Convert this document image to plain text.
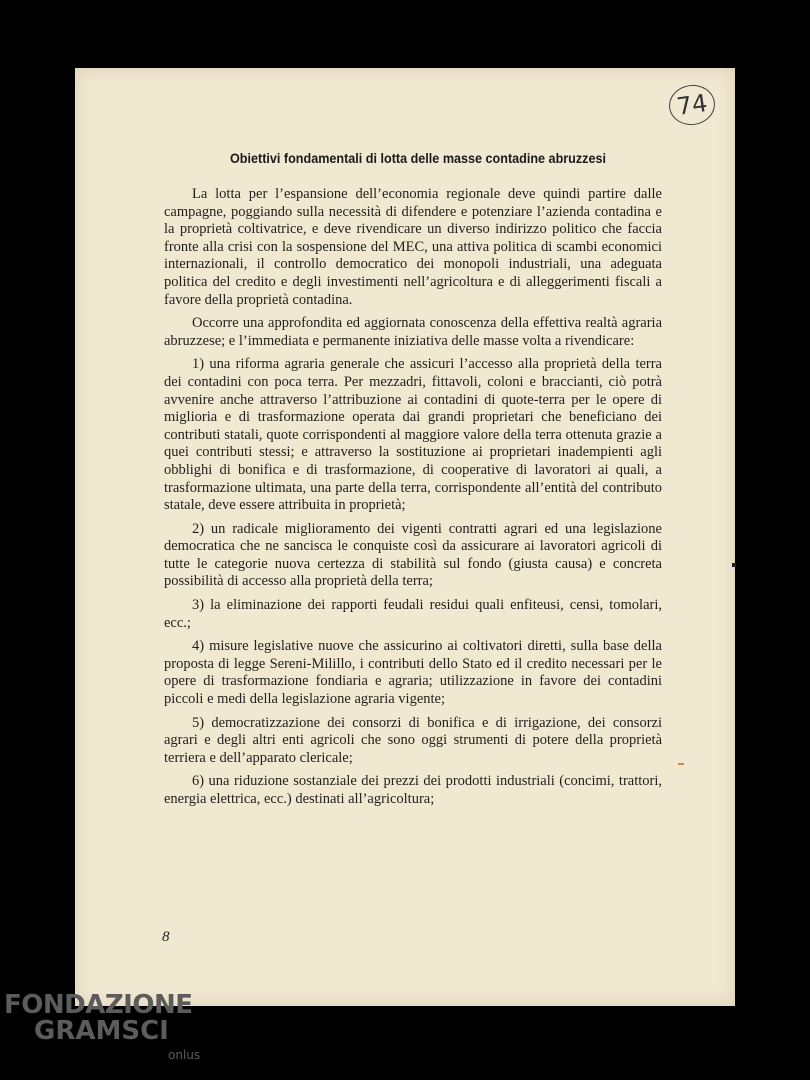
74
Obiettivi fondamentali di lotta delle masse contadine abruzzesi

La lotta per l’espansione dell’economia regionale deve quindi partire dalle campagne, poggiando sulla necessità di difendere e potenziare l’azienda contadina e la proprietà coltivatrice, e deve rivendicare un diverso indirizzo politico che faccia fronte alla crisi con la sospensione del MEC, una attiva politica di scambi economici internazionali, il controllo democratico dei monopoli industriali, una adeguata politica del credito e degli investimenti nell’agricoltura e di alleggerimenti fiscali a favore della proprietà contadina.

Occorre una approfondita ed aggiornata conoscenza della effettiva realtà agraria abruzzese; e l’immediata e permanente iniziativa delle masse volta a rivendicare:

1) una riforma agraria generale che assicuri l’accesso alla proprietà della terra dei contadini con poca terra. Per mezzadri, fittavoli, coloni e braccianti, ciò potrà avvenire anche attraverso l’attribuzione ai contadini di quote-terra per le opere di miglioria e di trasformazione operata dai grandi proprietari che beneficiano dei contributi statali, quote corrispondenti al maggiore valore della terra ottenuta grazie a quei contributi stessi; e attraverso la sostituzione ai proprietari inadempienti agli obblighi di bonifica e di trasformazione, di cooperative di lavoratori ai quali, a trasformazione ultimata, una parte della terra, corrispondente all’entità del contributo statale, deve essere attribuita in proprietà;

2) un radicale miglioramento dei vigenti contratti agrari ed una legislazione democratica che ne sancisca le conquiste così da assicurare ai lavoratori agricoli di tutte le categorie nuova certezza di stabilità sul fondo (giusta causa) e concreta possibilità di accesso alla proprietà della terra;

3) la eliminazione dei rapporti feudali residui quali enfiteusi, censi, tomolari, ecc.;

4) misure legislative nuove che assicurino ai coltivatori diretti, sulla base della proposta di legge Sereni-Milillo, i contributi dello Stato ed il credito necessari per le opere di trasformazione fondiaria e agraria; utilizzazione in favore dei contadini piccoli e medi della legislazione agraria vigente;

5) democratizzazione dei consorzi di bonifica e di irrigazione, dei consorzi agrari e degli altri enti agricoli che sono oggi strumenti di potere della proprietà terriera e dell’apparato clericale;

6) una riduzione sostanziale dei prezzi dei prodotti industriali (concimi, trattori, energia elettrica, ecc.) destinati all’agricoltura;

8
FONDAZIONE
GRAMSCI
onlus
